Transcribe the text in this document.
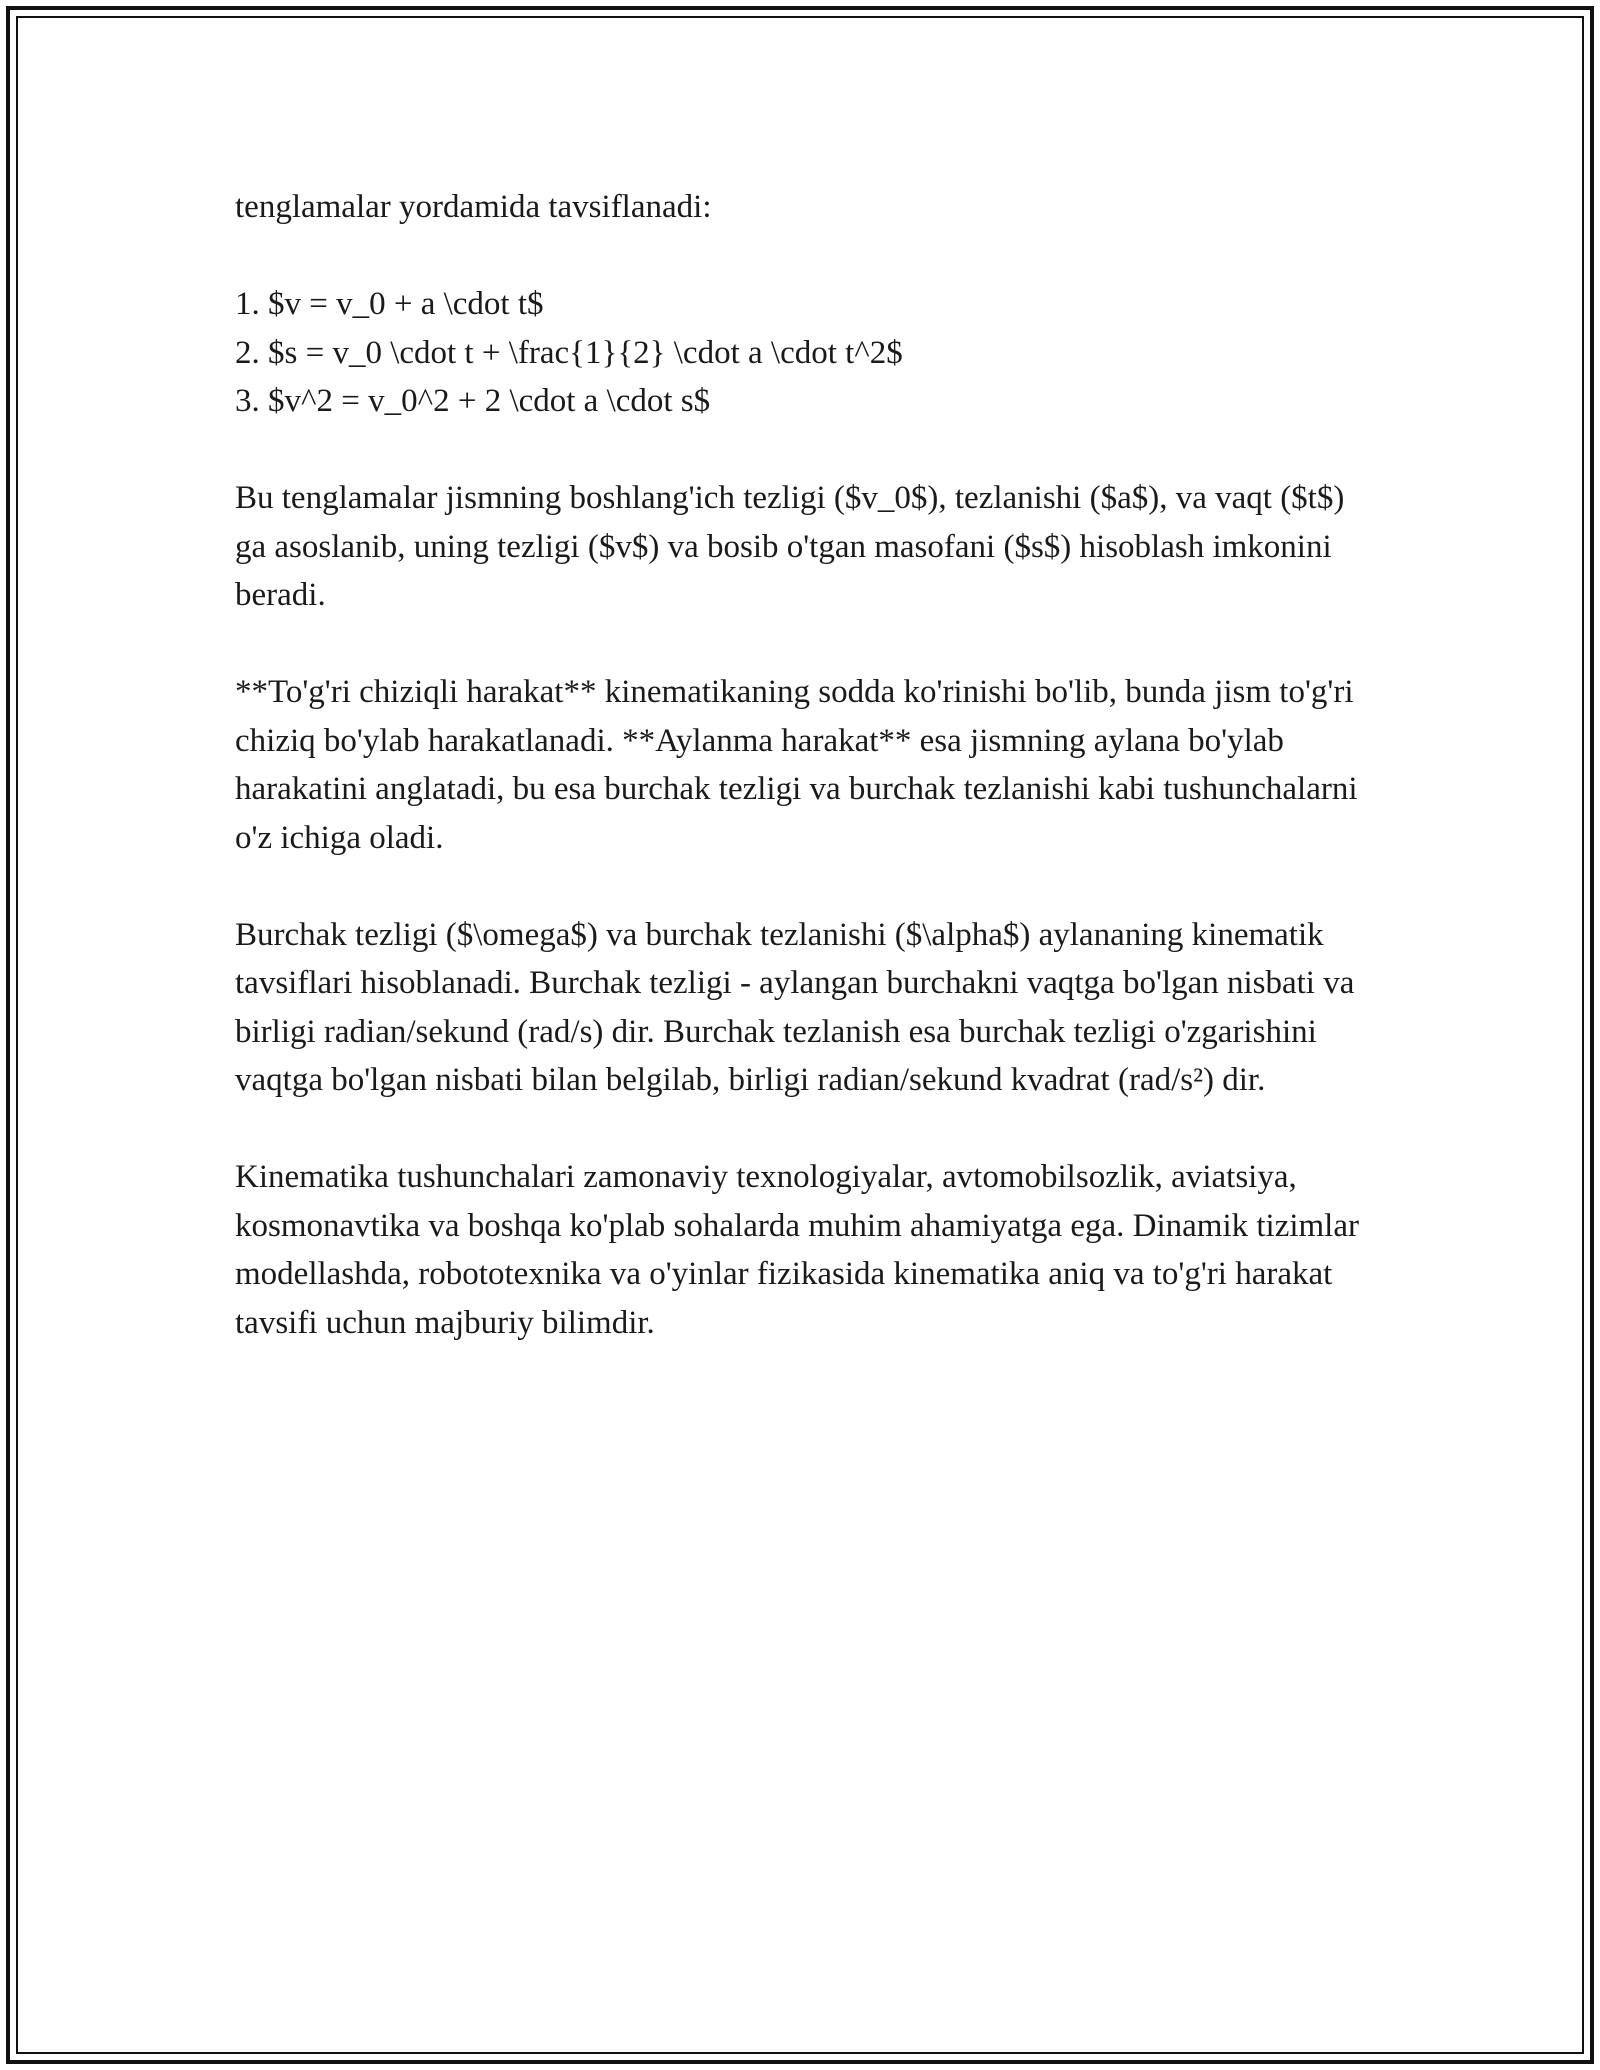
tenglamalar yordamida tavsiflanadi:

1. $v = v_0 + a \cdot t$
2. $s = v_0 \cdot t + \frac{1}{2} \cdot a \cdot t^2$
3. $v^2 = v_0^2 + 2 \cdot a \cdot s$

Bu tenglamalar jismning boshlang'ich tezligi ($v_0$), tezlanishi ($a$), va vaqt ($t$) ga asoslanib, uning tezligi ($v$) va bosib o'tgan masofani ($s$) hisoblash imkonini beradi.

**To'g'ri chiziqli harakat** kinematikaning sodda ko'rinishi bo'lib, bunda jism to'g'ri chiziq bo'ylab harakatlanadi. **Aylanma harakat** esa jismning aylana bo'ylab harakatini anglatadi, bu esa burchak tezligi va burchak tezlanishi kabi tushunchalarni o'z ichiga oladi.

Burchak tezligi ($\omega$) va burchak tezlanishi ($\alpha$) aylananing kinematik tavsiflari hisoblanadi. Burchak tezligi - aylangan burchakni vaqtga bo'lgan nisbati va birligi radian/sekund (rad/s) dir. Burchak tezlanish esa burchak tezligi o'zgarishini vaqtga bo'lgan nisbati bilan belgilab, birligi radian/sekund kvadrat (rad/s²) dir.

Kinematika tushunchalari zamonaviy texnologiyalar, avtomobilsozlik, aviatsiya, kosmonavtika va boshqa ko'plab sohalarda muhim ahamiyatga ega. Dinamik tizimlar modellashda, robototexnika va o'yinlar fizikasida kinematika aniq va to'g'ri harakat tavsifi uchun majburiy bilimdir.
